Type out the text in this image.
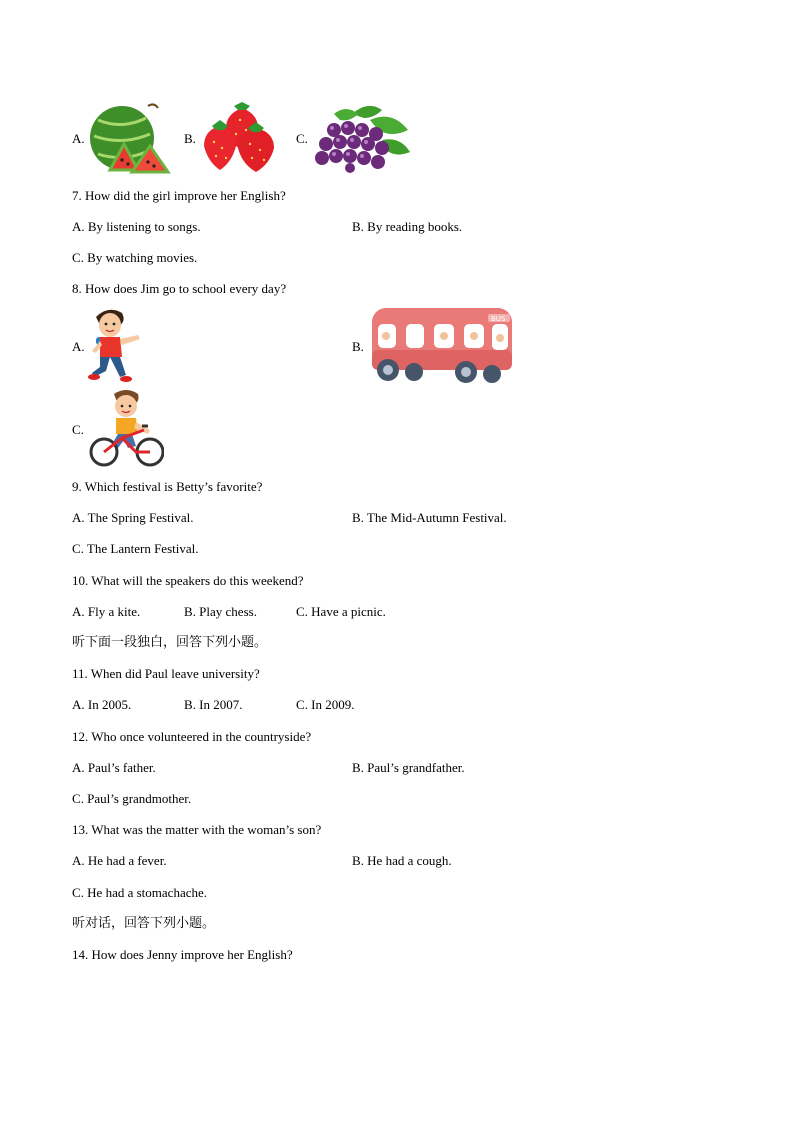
A.	B.	C.
7. How did the girl improve her English?
A. By listening to songs.	B. By reading books.
C. By watching movies.
8. How does Jim go to school every day?
A.	B.
BUS
C.
9. Which festival is Betty’s favorite?
A. The Spring Festival.	B. The Mid-Autumn Festival.
C. The Lantern Festival.
10. What will the speakers do this weekend?
A. Fly a kite.	B. Play chess.	C. Have a picnic.
听下面一段独白，回答下列小题。
11. When did Paul leave university?
A. In 2005.	B. In 2007.	C. In 2009.
12. Who once volunteered in the countryside?
A. Paul’s father.	B. Paul’s grandfather.
C. Paul’s grandmother.
13. What was the matter with the woman’s son?
A. He had a fever.	B. He had a cough.
C. He had a stomachache.
听对话，回答下列小题。
14. How does Jenny improve her English?
